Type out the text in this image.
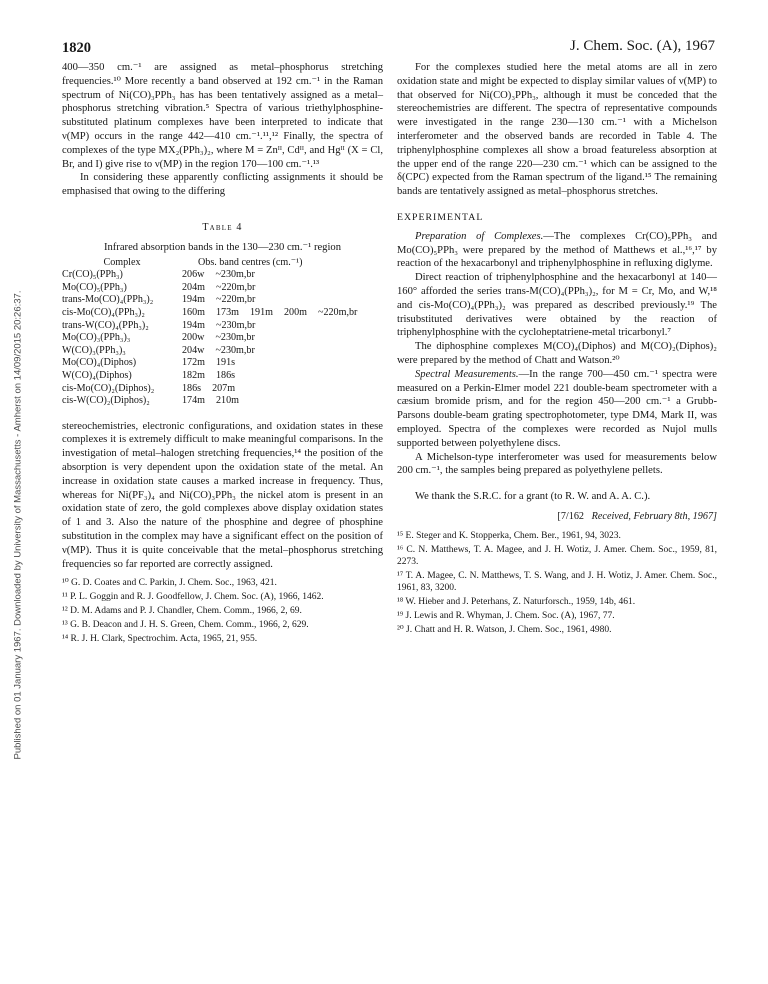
1820	J. Chem. Soc. (A), 1967
Published on 01 January 1967. Downloaded by University of Massachusetts - Amherst on 14/09/2015 20:26:37.

400—350 cm.⁻¹ are assigned as metal–phosphorus stretching frequencies.¹⁰ More recently a band observed at 192 cm.⁻¹ in the Raman spectrum of Ni(CO)₃PPh₃ has has been tentatively assigned as a metal–phosphorus stretching vibration.⁵ Spectra of various triethylphosphine-substituted platinum complexes have been interpreted to indicate that ν(MP) occurs in the range 442—410 cm.⁻¹.¹¹,¹² Finally, the spectra of complexes of the type MX₂(PPh₃)₂, where M = Znᴵᴵ, Cdᴵᴵ, and Hgᴵᴵ (X = Cl, Br, and I) give rise to ν(MP) in the region 170—100 cm.⁻¹.¹³

In considering these apparently conflicting assignments it should be emphasised that owing to the differing

Table 4
Infrared absorption bands in the 130—230 cm.⁻¹ region
Complex	Obs. band centres (cm.⁻¹)
Cr(CO)₅(PPh₃)	206w ~230m,br
Mo(CO)₅(PPh₃)	204m ~220m,br
trans-Mo(CO)₄(PPh₃)₂	194m ~220m,br
cis-Mo(CO)₄(PPh₃)₂	160m 173m 191m 200m ~220m,br
trans-W(CO)₄(PPh₃)₂	194m ~230m,br
Mo(CO)₃(PPh₃)₃	200w ~230m,br
W(CO)₃(PPh₃)₃	204w ~230m,br
Mo(CO)₄(Diphos)	172m 191s
W(CO)₄(Diphos)	182m 186s
cis-Mo(CO)₂(Diphos)₂	186s 207m
cis-W(CO)₂(Diphos)₂	174m 210m

stereochemistries, electronic configurations, and oxidation states in these complexes it is extremely difficult to make meaningful comparisons. In the investigation of metal–halogen stretching frequencies,¹⁴ the position of the absorption is very dependent upon the oxidation state of the metal. An increase in oxidation state causes a marked increase in frequency. Thus, whereas for Ni(PF₃)₄ and Ni(CO)₃PPh₃ the nickel atom is present in an oxidation state of zero, the gold complexes above display oxidation states of 1 and 3. Also the nature of the phosphine and degree of phosphine substitution in the complex may have a significant effect on the position of ν(MP). Thus it is quite conceivable that the metal–phosphorus stretching frequencies so far reported are correctly assigned.

¹⁰ G. D. Coates and C. Parkin, J. Chem. Soc., 1963, 421.
¹¹ P. L. Goggin and R. J. Goodfellow, J. Chem. Soc. (A), 1966, 1462.
¹² D. M. Adams and P. J. Chandler, Chem. Comm., 1966, 2, 69.
¹³ G. B. Deacon and J. H. S. Green, Chem. Comm., 1966, 2, 629.
¹⁴ R. J. H. Clark, Spectrochim. Acta, 1965, 21, 955.

For the complexes studied here the metal atoms are all in zero oxidation state and might be expected to display similar values of ν(MP) to that observed for Ni(CO)₃PPh₃, although it must be conceded that the stereochemistries are different. The spectra of representative compounds were investigated in the range 230—130 cm.⁻¹ with a Michelson interferometer and the observed bands are recorded in Table 4. The triphenylphosphine complexes all show a broad featureless absorption at the upper end of the range 220—230 cm.⁻¹ which can be assigned to the δ(CPC) expected from the Raman spectrum of the ligand.¹⁵ The remaining bands are tentatively assigned as metal–phosphorus stretches.

EXPERIMENTAL

Preparation of Complexes.—The complexes Cr(CO)₅PPh₃ and Mo(CO)₅PPh₃ were prepared by the method of Matthews et al.,¹⁶,¹⁷ by reaction of the hexacarbonyl and triphenylphosphine in refluxing diglyme.

Direct reaction of triphenylphosphine and the hexacarbonyl at 140—160° afforded the series trans-M(CO)₄(PPh₃)₂, for M = Cr, Mo, and W,¹⁸ and cis-Mo(CO)₄(PPh₃)₂ was prepared as described previously.¹⁹ The trisubstituted derivatives were obtained by the reaction of triphenylphosphine with the cycloheptatriene-metal tricarbonyl.⁷

The diphosphine complexes M(CO)₄(Diphos) and M(CO)₂(Diphos)₂ were prepared by the method of Chatt and Watson.²⁰

Spectral Measurements.—In the range 700—450 cm.⁻¹ spectra were measured on a Perkin-Elmer model 221 double-beam spectrometer with a cæsium bromide prism, and for the region 450—200 cm.⁻¹ a Grubb-Parsons double-beam grating spectrophotometer, type DM4, Mark II, was employed. Spectra of the complexes were recorded as Nujol mulls supported between polyethylene discs.

A Michelson-type interferometer was used for measurements below 200 cm.⁻¹, the samples being prepared as polyethylene pellets.

We thank the S.R.C. for a grant (to R. W. and A. A. C.).

[7/162 Received, February 8th, 1967]
¹⁵ E. Steger and K. Stopperka, Chem. Ber., 1961, 94, 3023.
¹⁶ C. N. Matthews, T. A. Magee, and J. H. Wotiz, J. Amer. Chem. Soc., 1959, 81, 2273.
¹⁷ T. A. Magee, C. N. Matthews, T. S. Wang, and J. H. Wotiz, J. Amer. Chem. Soc., 1961, 83, 3200.
¹⁸ W. Hieber and J. Peterhans, Z. Naturforsch., 1959, 14b, 461.
¹⁹ J. Lewis and R. Whyman, J. Chem. Soc. (A), 1967, 77.
²⁰ J. Chatt and H. R. Watson, J. Chem. Soc., 1961, 4980.
